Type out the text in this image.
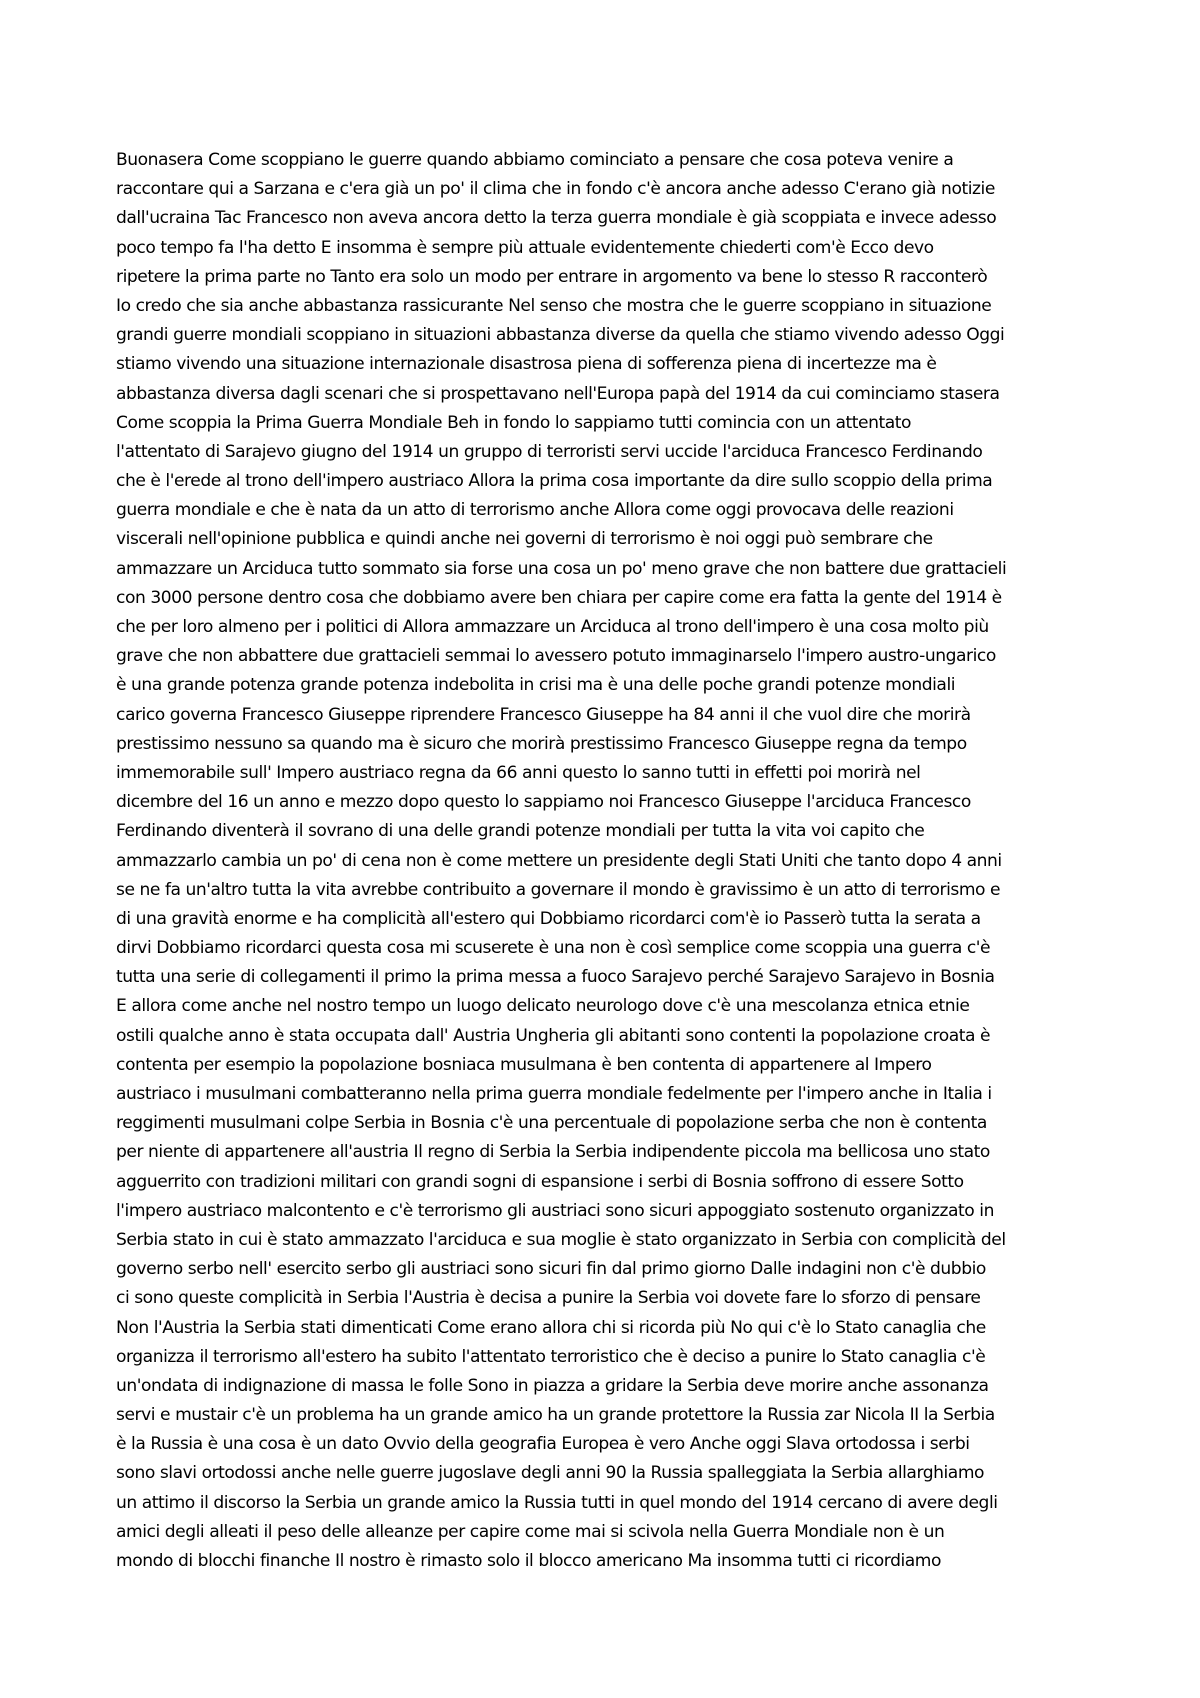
Buonasera Come scoppiano le guerre quando abbiamo cominciato a pensare che cosa poteva venire a
raccontare qui a Sarzana e c'era già un po' il clima che in fondo c'è ancora anche adesso C'erano già notizie
dall'ucraina Tac Francesco non aveva ancora detto la terza guerra mondiale è già scoppiata e invece adesso
poco tempo fa l'ha detto E insomma è sempre più attuale evidentemente chiederti com'è Ecco devo
ripetere la prima parte no Tanto era solo un modo per entrare in argomento va bene lo stesso R racconterò
Io credo che sia anche abbastanza rassicurante Nel senso che mostra che le guerre scoppiano in situazione
grandi guerre mondiali scoppiano in situazioni abbastanza diverse da quella che stiamo vivendo adesso Oggi
stiamo vivendo una situazione internazionale disastrosa piena di sofferenza piena di incertezze ma è
abbastanza diversa dagli scenari che si prospettavano nell'Europa papà del 1914 da cui cominciamo stasera
Come scoppia la Prima Guerra Mondiale Beh in fondo lo sappiamo tutti comincia con un attentato
l'attentato di Sarajevo giugno del 1914 un gruppo di terroristi servi uccide l'arciduca Francesco Ferdinando
che è l'erede al trono dell'impero austriaco Allora la prima cosa importante da dire sullo scoppio della prima
guerra mondiale e che è nata da un atto di terrorismo anche Allora come oggi provocava delle reazioni
viscerali nell'opinione pubblica e quindi anche nei governi di terrorismo è noi oggi può sembrare che
ammazzare un Arciduca tutto sommato sia forse una cosa un po' meno grave che non battere due grattacieli
con 3000 persone dentro cosa che dobbiamo avere ben chiara per capire come era fatta la gente del 1914 è
che per loro almeno per i politici di Allora ammazzare un Arciduca al trono dell'impero è una cosa molto più
grave che non abbattere due grattacieli semmai lo avessero potuto immaginarselo l'impero austro-ungarico
è una grande potenza grande potenza indebolita in crisi ma è una delle poche grandi potenze mondiali
carico governa Francesco Giuseppe riprendere Francesco Giuseppe ha 84 anni il che vuol dire che morirà
prestissimo nessuno sa quando ma è sicuro che morirà prestissimo Francesco Giuseppe regna da tempo
immemorabile sull' Impero austriaco regna da 66 anni questo lo sanno tutti in effetti poi morirà nel
dicembre del 16 un anno e mezzo dopo questo lo sappiamo noi Francesco Giuseppe l'arciduca Francesco
Ferdinando diventerà il sovrano di una delle grandi potenze mondiali per tutta la vita voi capito che
ammazzarlo cambia un po' di cena non è come mettere un presidente degli Stati Uniti che tanto dopo 4 anni
se ne fa un'altro tutta la vita avrebbe contribuito a governare il mondo è gravissimo è un atto di terrorismo e
di una gravità enorme e ha complicità all'estero qui Dobbiamo ricordarci com'è io Passerò tutta la serata a
dirvi Dobbiamo ricordarci questa cosa mi scuserete è una non è così semplice come scoppia una guerra c'è
tutta una serie di collegamenti il primo la prima messa a fuoco Sarajevo perché Sarajevo Sarajevo in Bosnia
E allora come anche nel nostro tempo un luogo delicato neurologo dove c'è una mescolanza etnica etnie
ostili qualche anno è stata occupata dall' Austria Ungheria gli abitanti sono contenti la popolazione croata è
contenta per esempio la popolazione bosniaca musulmana è ben contenta di appartenere al Impero
austriaco i musulmani combatteranno nella prima guerra mondiale fedelmente per l'impero anche in Italia i
reggimenti musulmani colpe Serbia in Bosnia c'è una percentuale di popolazione serba che non è contenta
per niente di appartenere all'austria Il regno di Serbia la Serbia indipendente piccola ma bellicosa uno stato
agguerrito con tradizioni militari con grandi sogni di espansione i serbi di Bosnia soffrono di essere Sotto
l'impero austriaco malcontento e c'è terrorismo gli austriaci sono sicuri appoggiato sostenuto organizzato in
Serbia stato in cui è stato ammazzato l'arciduca e sua moglie è stato organizzato in Serbia con complicità del
governo serbo nell' esercito serbo gli austriaci sono sicuri fin dal primo giorno Dalle indagini non c'è dubbio
ci sono queste complicità in Serbia l'Austria è decisa a punire la Serbia voi dovete fare lo sforzo di pensare
Non l'Austria la Serbia stati dimenticati Come erano allora chi si ricorda più No qui c'è lo Stato canaglia che
organizza il terrorismo all'estero ha subito l'attentato terroristico che è deciso a punire lo Stato canaglia c'è
un'ondata di indignazione di massa le folle Sono in piazza a gridare la Serbia deve morire anche assonanza
servi e mustair c'è un problema ha un grande amico ha un grande protettore la Russia zar Nicola II la Serbia
è la Russia è una cosa è un dato Ovvio della geografia Europea è vero Anche oggi Slava ortodossa i serbi
sono slavi ortodossi anche nelle guerre jugoslave degli anni 90 la Russia spalleggiata la Serbia allarghiamo
un attimo il discorso la Serbia un grande amico la Russia tutti in quel mondo del 1914 cercano di avere degli
amici degli alleati il peso delle alleanze per capire come mai si scivola nella Guerra Mondiale non è un
mondo di blocchi finanche Il nostro è rimasto solo il blocco americano Ma insomma tutti ci ricordiamo
